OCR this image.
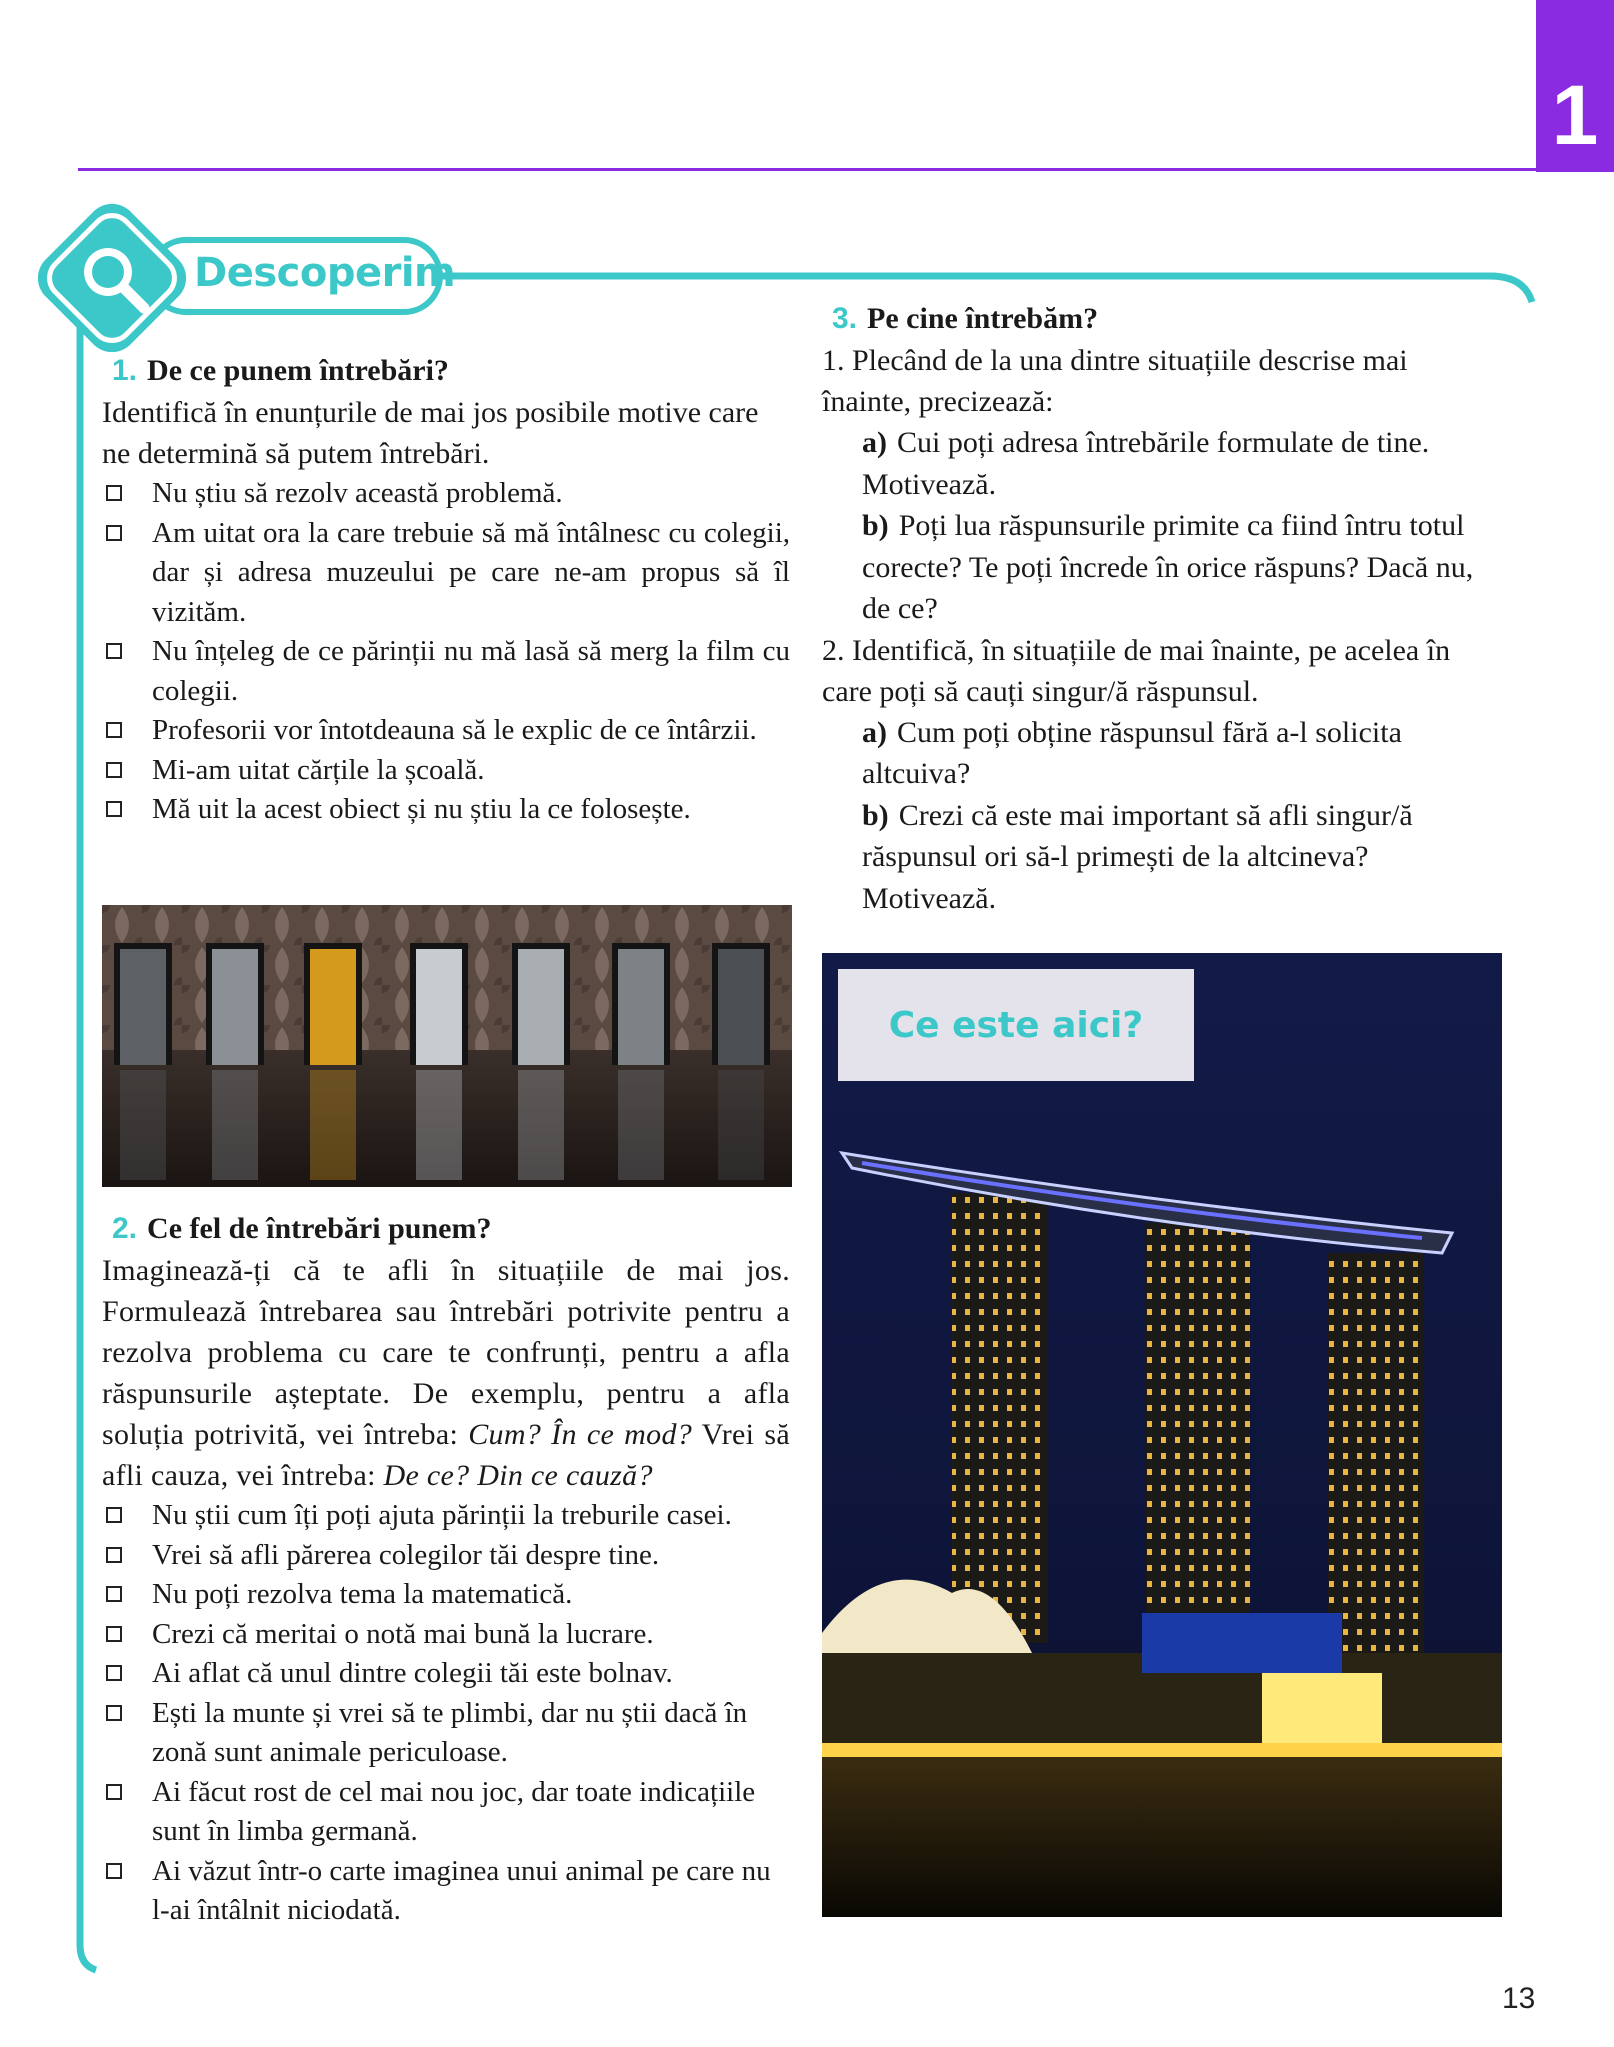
1
Descoperim
1. De ce punem întrebări?
Identifică în enunțurile de mai jos posibile motive care ne determină să putem întrebări.
Nu știu să rezolv această problemă.
Am uitat ora la care trebuie să mă întâlnesc cu colegii, dar și adresa muzeului pe care ne-am propus să îl vizităm.
Nu înțeleg de ce părinții nu mă lasă să merg la film cu colegii.
Profesorii vor întotdeauna să le explic de ce întârzii.
Mi-am uitat cărțile la școală.
Mă uit la acest obiect și nu știu la ce folosește.
2. Ce fel de întrebări punem?
Imaginează-ți că te afli în situațiile de mai jos. Formulează întrebarea sau întrebări potrivite pentru a rezolva problema cu care te confrunți, pentru a afla răspunsurile așteptate. De exemplu, pentru a afla soluția potrivită, vei întreba: Cum? În ce mod? Vrei să afli cauza, vei întreba: De ce? Din ce cauză?
Nu știi cum îți poți ajuta părinții la treburile casei.
Vrei să afli părerea colegilor tăi despre tine.
Nu poți rezolva tema la matematică.
Crezi că meritai o notă mai bună la lucrare.
Ai aflat că unul dintre colegii tăi este bolnav.
Ești la munte și vrei să te plimbi, dar nu știi dacă în zonă sunt animale periculoase.
Ai făcut rost de cel mai nou joc, dar toate indicațiile sunt în limba germană.
Ai văzut într-o carte imaginea unui animal pe care nu l-ai întâlnit niciodată.
3. Pe cine întrebăm?
1. Plecând de la una dintre situațiile descrise mai înainte, precizează:
a) Cui poți adresa întrebările formulate de tine. Motivează.
b) Poți lua răspunsurile primite ca fiind întru totul corecte? Te poți încrede în orice răspuns? Dacă nu, de ce?
2. Identifică, în situațiile de mai înainte, pe acelea în care poți să cauți singur/ă răspunsul.
a) Cum poți obține răspunsul fără a-l solicita altcuiva?
b) Crezi că este mai important să afli singur/ă răspunsul ori să-l primești de la altcineva? Motivează.
Ce este aici?
13
